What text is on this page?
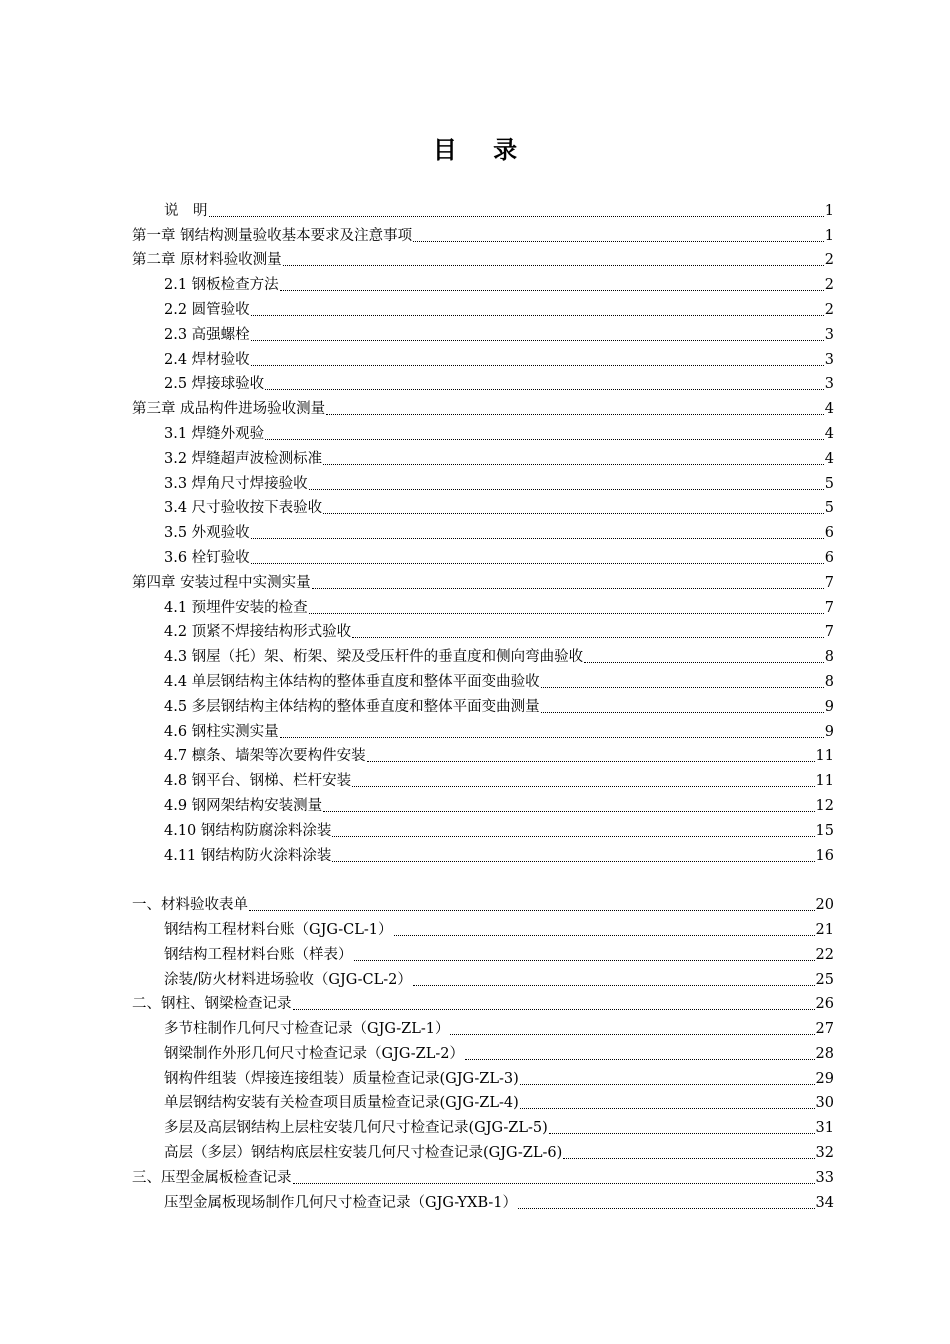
目 录
说　明	1
第一章 钢结构测量验收基本要求及注意事项	1
第二章 原材料验收测量	2
2.1 钢板检查方法	2
2.2 圆管验收	2
2.3 高强螺栓	3
2.4 焊材验收	3
2.5 焊接球验收	3
第三章 成品构件进场验收测量	4
3.1 焊缝外观验	4
3.2 焊缝超声波检测标准	4
3.3 焊角尺寸焊接验收	5
3.4 尺寸验收按下表验收	5
3.5 外观验收	6
3.6 栓钉验收	6
第四章 安装过程中实测实量	7
4.1 预埋件安装的检查	7
4.2 顶紧不焊接结构形式验收	7
4.3 钢屋（托）架、桁架、梁及受压杆件的垂直度和侧向弯曲验收	8
4.4 单层钢结构主体结构的整体垂直度和整体平面变曲验收	8
4.5 多层钢结构主体结构的整体垂直度和整体平面变曲测量	9
4.6 钢柱实测实量	9
4.7 檩条、墙架等次要构件安装	11
4.8 钢平台、钢梯、栏杆安装	11
4.9 钢网架结构安装测量	12
4.10 钢结构防腐涂料涂装	15
4.11 钢结构防火涂料涂装	16
一、材料验收表单	20
钢结构工程材料台账（GJG-CL-1）	21
钢结构工程材料台账（样表）	22
涂装/防火材料进场验收（GJG-CL-2）	25
二、钢柱、钢梁检查记录	26
多节柱制作几何尺寸检查记录（GJG-ZL-1）	27
钢梁制作外形几何尺寸检查记录（GJG-ZL-2）	28
钢构件组装（焊接连接组装）质量检查记录(GJG-ZL-3)	29
单层钢结构安装有关检查项目质量检查记录(GJG-ZL-4)	30
多层及高层钢结构上层柱安装几何尺寸检查记录(GJG-ZL-5)	31
高层（多层）钢结构底层柱安装几何尺寸检查记录(GJG-ZL-6)	32
三、压型金属板检查记录	33
压型金属板现场制作几何尺寸检查记录（GJG-YXB-1）	34
